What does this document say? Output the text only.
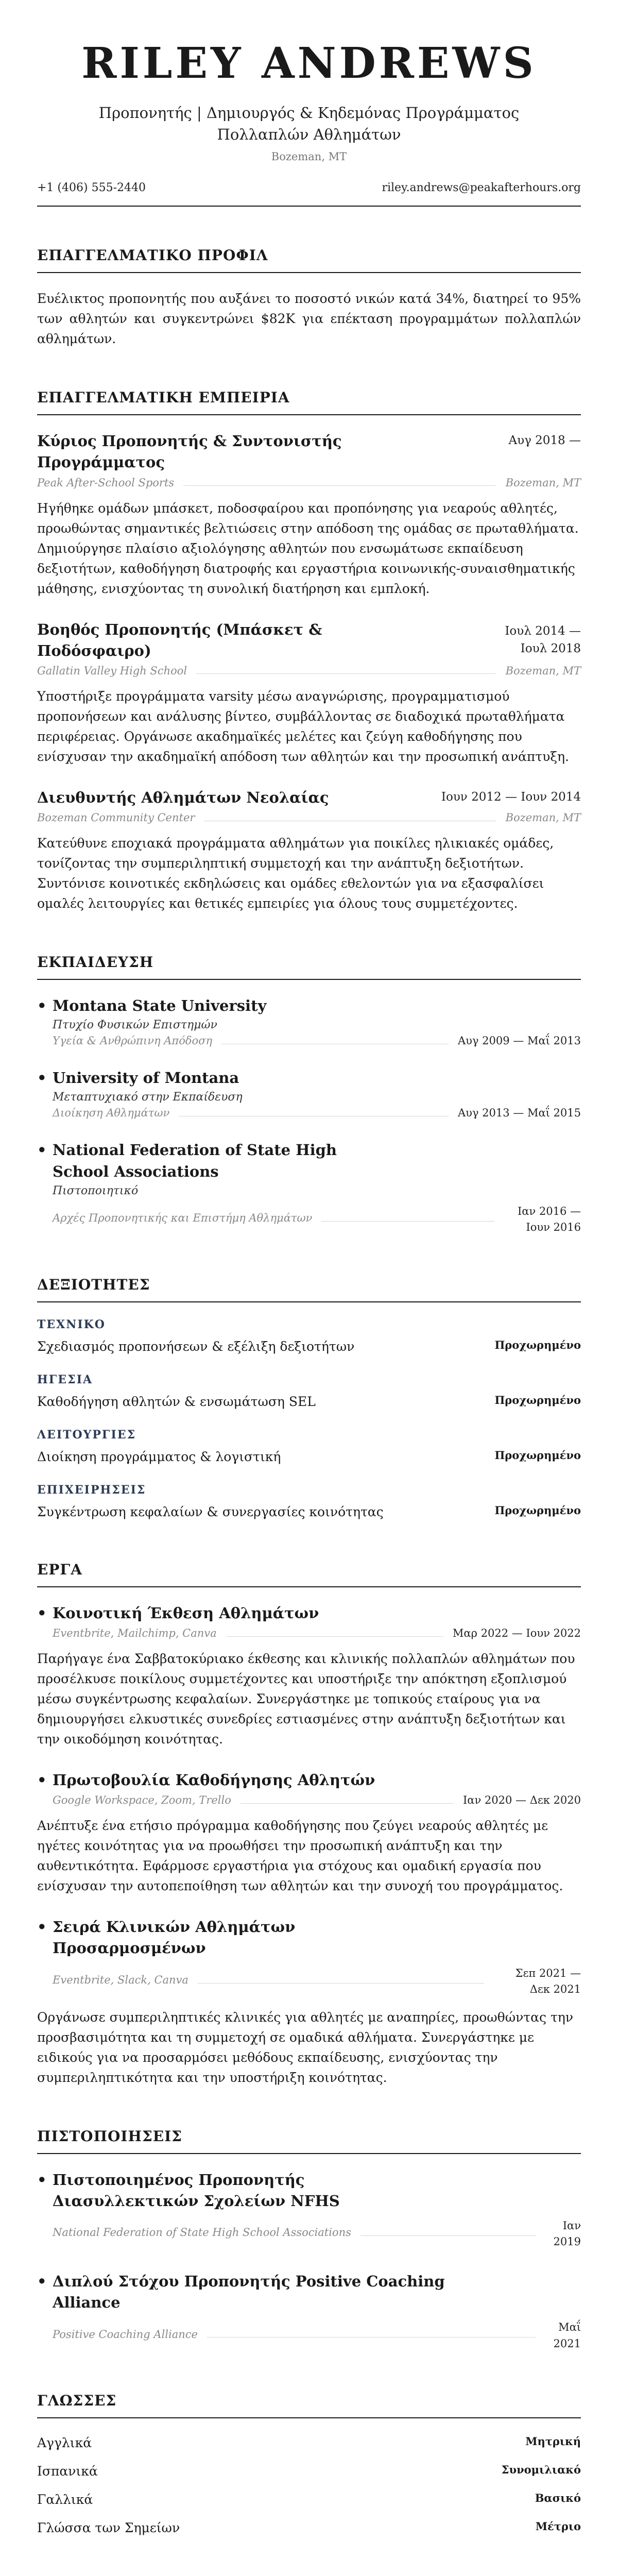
RILEY ANDREWS
Προπονητής | Δημιουργός & Κηδεμόνας Προγράμματος Πολλαπλών Αθλημάτων
Bozeman, MT
+1 (406) 555-2440	riley.andrews@peakafterhours.org
ΕΠΑΓΓΕΛΜΑΤΙΚΟ ΠΡΟΦΙΛ

Ευέλικτος προπονητής που αυξάνει το ποσοστό νικών κατά 34%, διατηρεί το 95% των αθλητών και συγκεντρώνει $82K για επέκταση προγραμμάτων πολλαπλών αθλημάτων.

ΕΠΑΓΓΕΛΜΑΤΙΚΗ ΕΜΠΕΙΡΙΑ
Κύριος Προπονητής & Συντονιστής Προγράμματος
Αυγ 2018 —
Peak After-School Sports	Bozeman, MT

Ηγήθηκε ομάδων μπάσκετ, ποδοσφαίρου και προπόνησης για νεαρούς αθλητές, προωθώντας σημαντικές βελτιώσεις στην απόδοση της ομάδας σε πρωταθλήματα. Δημιούργησε πλαίσιο αξιολόγησης αθλητών που ενσωμάτωσε εκπαίδευση δεξιοτήτων, καθοδήγηση διατροφής και εργαστήρια κοινωνικής-συναισθηματικής μάθησης, ενισχύοντας τη συνολική διατήρηση και εμπλοκή.

Βοηθός Προπονητής (Μπάσκετ & Ποδόσφαιρο)
Ιουλ 2014 — Ιουλ 2018
Gallatin Valley High School	Bozeman, MT

Υποστήριξε προγράμματα varsity μέσω αναγνώρισης, προγραμματισμού προπονήσεων και ανάλυσης βίντεο, συμβάλλοντας σε διαδοχικά πρωταθλήματα περιφέρειας. Οργάνωσε ακαδημαϊκές μελέτες και ζεύγη καθοδήγησης που ενίσχυσαν την ακαδημαϊκή απόδοση των αθλητών και την προσωπική ανάπτυξη.

Διευθυντής Αθλημάτων Νεολαίας	Ιουν 2012 — Ιουν 2014
Bozeman Community Center	Bozeman, MT

Κατεύθυνε εποχιακά προγράμματα αθλημάτων για ποικίλες ηλικιακές ομάδες, τονίζοντας την συμπεριληπτική συμμετοχή και την ανάπτυξη δεξιοτήτων. Συντόνισε κοινοτικές εκδηλώσεις και ομάδες εθελοντών για να εξασφαλίσει ομαλές λειτουργίες και θετικές εμπειρίες για όλους τους συμμετέχοντες.

ΕΚΠΑΙΔΕΥΣΗ
• Montana State University
Πτυχίο Φυσικών Επιστημών
Υγεία & Ανθρώπινη Απόδοση	Αυγ 2009 — Μαΐ 2013
• University of Montana
Μεταπτυχιακό στην Εκπαίδευση
Διοίκηση Αθλημάτων	Αυγ 2013 — Μαΐ 2015
• National Federation of State High School Associations
Πιστοποιητικό
Αρχές Προπονητικής και Επιστήμη Αθλημάτων
Ιαν 2016 — Ιουν 2016
ΔΕΞΙΟΤΗΤΕΣ
ΤΕΧΝΙΚΟ
Σχεδιασμός προπονήσεων & εξέλιξη δεξιοτήτων	Προχωρημένο
ΗΓΕΣΙΑ
Καθοδήγηση αθλητών & ενσωμάτωση SEL	Προχωρημένο
ΛΕΙΤΟΥΡΓΙΕΣ
Διοίκηση προγράμματος & λογιστική	Προχωρημένο
ΕΠΙΧΕΙΡΗΣΕΙΣ
Συγκέντρωση κεφαλαίων & συνεργασίες κοινότητας	Προχωρημένο
ΕΡΓΑ
• Κοινοτική Έκθεση Αθλημάτων
Eventbrite, Mailchimp, Canva	Μαρ 2022 — Ιουν 2022

Παρήγαγε ένα Σαββατοκύριακο έκθεσης και κλινικής πολλαπλών αθλημάτων που προσέλκυσε ποικίλους συμμετέχοντες και υποστήριξε την απόκτηση εξοπλισμού μέσω συγκέντρωσης κεφαλαίων. Συνεργάστηκε με τοπικούς εταίρους για να δημιουργήσει ελκυστικές συνεδρίες εστιασμένες στην ανάπτυξη δεξιοτήτων και την οικοδόμηση κοινότητας.

• Πρωτοβουλία Καθοδήγησης Αθλητών
Google Workspace, Zoom, Trello	Ιαν 2020 — Δεκ 2020

Ανέπτυξε ένα ετήσιο πρόγραμμα καθοδήγησης που ζεύγει νεαρούς αθλητές με ηγέτες κοινότητας για να προωθήσει την προσωπική ανάπτυξη και την αυθεντικότητα. Εφάρμοσε εργαστήρια για στόχους και ομαδική εργασία που ενίσχυσαν την αυτοπεποίθηση των αθλητών και την συνοχή του προγράμματος.

• Σειρά Κλινικών Αθλημάτων Προσαρμοσμένων
Eventbrite, Slack, Canva
Σεπ 2021 — Δεκ 2021

Οργάνωσε συμπεριληπτικές κλινικές για αθλητές με αναπηρίες, προωθώντας την προσβασιμότητα και τη συμμετοχή σε ομαδικά αθλήματα. Συνεργάστηκε με ειδικούς για να προσαρμόσει μεθόδους εκπαίδευσης, ενισχύοντας την συμπεριληπτικότητα και την υποστήριξη κοινότητας.

ΠΙΣΤΟΠΟΙΗΣΕΙΣ
• Πιστοποιημένος Προπονητής Διασυλλεκτικών Σχολείων NFHS
National Federation of State High School Associations
Ιαν 2019
• Διπλού Στόχου Προπονητής Positive Coaching Alliance
Positive Coaching Alliance
Μαΐ 2021
ΓΛΩΣΣΕΣ
Αγγλικά	Μητρική
Ισπανικά	Συνομιλιακό
Γαλλικά	Βασικό
Γλώσσα των Σημείων	Μέτριο
